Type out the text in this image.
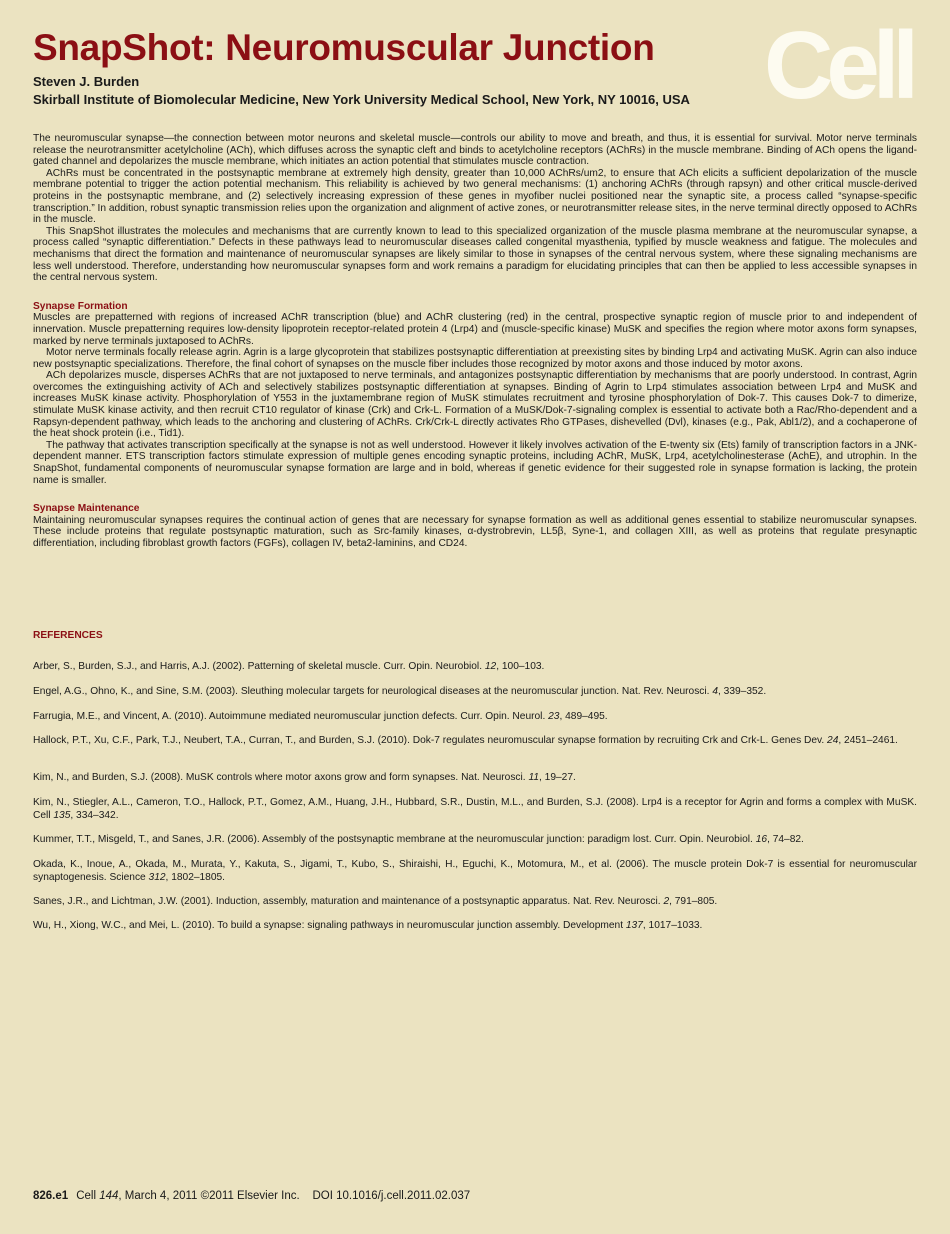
SnapShot: Neuromuscular Junction
Steven J. Burden
Skirball Institute of Biomolecular Medicine, New York University Medical School, New York, NY 10016, USA Cell

The neuromuscular synapse—the connection between motor neurons and skeletal muscle—controls our ability to move and breath, and thus, it is essential for survival. Motor nerve terminals release the neurotransmitter acetylcholine (ACh), which diffuses across the synaptic cleft and binds to acetylcholine receptors (AChRs) in the muscle membrane. Binding of ACh opens the ligand-gated channel and depolarizes the muscle membrane, which initiates an action potential that stimulates muscle contraction.

AChRs must be concentrated in the postsynaptic membrane at extremely high density, greater than 10,000 AChRs/um2, to ensure that ACh elicits a sufficient depolarization of the muscle membrane potential to trigger the action potential mechanism. This reliability is achieved by two general mechanisms: (1) anchoring AChRs (through rapsyn) and other critical muscle-derived proteins in the postsynaptic membrane, and (2) selectively increasing expression of these genes in myofiber nuclei positioned near the synaptic site, a process called “synapse-specific transcription.” In addition, robust synaptic transmission relies upon the organization and alignment of active zones, or neurotransmitter release sites, in the nerve terminal directly opposed to AChRs in the muscle.

This SnapShot illustrates the molecules and mechanisms that are currently known to lead to this specialized organization of the muscle plasma membrane at the neuromuscular synapse, a process called “synaptic differentiation.” Defects in these pathways lead to neuromuscular diseases called congenital myasthenia, typified by muscle weakness and fatigue. The molecules and mechanisms that direct the formation and maintenance of neuromuscular synapses are likely similar to those in synapses of the central nervous system, where these signaling mechanisms are less well understood. Therefore, understanding how neuromuscular synapses form and work remains a paradigm for elucidating principles that can then be applied to less accessible synapses in the central nervous system.

Synapse Formation

Muscles are prepatterned with regions of increased AChR transcription (blue) and AChR clustering (red) in the central, prospective synaptic region of muscle prior to and independent of innervation. Muscle prepatterning requires low-density lipoprotein receptor-related protein 4 (Lrp4) and (muscle-specific kinase) MuSK and specifies the region where motor axons form synapses, marked by nerve terminals juxtaposed to AChRs.

Motor nerve terminals focally release agrin. Agrin is a large glycoprotein that stabilizes postsynaptic differentiation at preexisting sites by binding Lrp4 and activating MuSK. Agrin can also induce new postsynaptic specializations. Therefore, the final cohort of synapses on the muscle fiber includes those recognized by motor axons and those induced by motor axons.

ACh depolarizes muscle, disperses AChRs that are not juxtaposed to nerve terminals, and antagonizes postsynaptic differentiation by mechanisms that are poorly understood. In contrast, Agrin overcomes the extinguishing activity of ACh and selectively stabilizes postsynaptic differentiation at synapses. Binding of Agrin to Lrp4 stimulates association between Lrp4 and MuSK and increases MuSK kinase activity. Phosphorylation of Y553 in the juxtamembrane region of MuSK stimulates recruitment and tyrosine phosphorylation of Dok-7. This causes Dok-7 to dimerize, stimulate MuSK kinase activity, and then recruit CT10 regulator of kinase (Crk) and Crk-L. Formation of a MuSK/Dok-7-signaling complex is essential to activate both a Rac/Rho-dependent and a Rapsyn-dependent pathway, which leads to the anchoring and clustering of AChRs. Crk/Crk-L directly activates Rho GTPases, dishevelled (Dvl), kinases (e.g., Pak, Abl1/2), and a cochaperone of the heat shock protein (i.e., Tid1).

The pathway that activates transcription specifically at the synapse is not as well understood. However it likely involves activation of the E-twenty six (Ets) family of transcription factors in a JNK-dependent manner. ETS transcription factors stimulate expression of multiple genes encoding synaptic proteins, including AChR, MuSK, Lrp4, acetylcholinesterase (AchE), and utrophin. In the SnapShot, fundamental components of neuromuscular synapse formation are large and in bold, whereas if genetic evidence for their suggested role in synapse formation is lacking, the protein name is smaller.

Synapse Maintenance

Maintaining neuromuscular synapses requires the continual action of genes that are necessary for synapse formation as well as additional genes essential to stabilize neuromuscular synapses. These include proteins that regulate postsynaptic maturation, such as Src-family kinases, α-dystrobrevin, LL5β, Syne-1, and collagen XIII, as well as proteins that regulate presynaptic differentiation, including fibroblast growth factors (FGFs), collagen IV, beta2-laminins, and CD24.

REFERENCES

Arber, S., Burden, S.J., and Harris, A.J. (2002). Patterning of skeletal muscle. Curr. Opin. Neurobiol. 12, 100–103.

Engel, A.G., Ohno, K., and Sine, S.M. (2003). Sleuthing molecular targets for neurological diseases at the neuromuscular junction. Nat. Rev. Neurosci. 4, 339–352.

Farrugia, M.E., and Vincent, A. (2010). Autoimmune mediated neuromuscular junction defects. Curr. Opin. Neurol. 23, 489–495.

Hallock, P.T., Xu, C.F., Park, T.J., Neubert, T.A., Curran, T., and Burden, S.J. (2010). Dok-7 regulates neuromuscular synapse formation by recruiting Crk and Crk-L. Genes Dev. 24, 2451–2461.

Kim, N., and Burden, S.J. (2008). MuSK controls where motor axons grow and form synapses. Nat. Neurosci. 11, 19–27.

Kim, N., Stiegler, A.L., Cameron, T.O., Hallock, P.T., Gomez, A.M., Huang, J.H., Hubbard, S.R., Dustin, M.L., and Burden, S.J. (2008). Lrp4 is a receptor for Agrin and forms a complex with MuSK. Cell 135, 334–342.

Kummer, T.T., Misgeld, T., and Sanes, J.R. (2006). Assembly of the postsynaptic membrane at the neuromuscular junction: paradigm lost. Curr. Opin. Neurobiol. 16, 74–82.

Okada, K., Inoue, A., Okada, M., Murata, Y., Kakuta, S., Jigami, T., Kubo, S., Shiraishi, H., Eguchi, K., Motomura, M., et al. (2006). The muscle protein Dok-7 is essential for neuromuscular synaptogenesis. Science 312, 1802–1805.

Sanes, J.R., and Lichtman, J.W. (2001). Induction, assembly, maturation and maintenance of a postsynaptic apparatus. Nat. Rev. Neurosci. 2, 791–805.

Wu, H., Xiong, W.C., and Mei, L. (2010). To build a synapse: signaling pathways in neuromuscular junction assembly. Development 137, 1017–1033.

826.e1 Cell 144, March 4, 2011 ©2011 Elsevier Inc.    DOI 10.1016/j.cell.2011.02.037
